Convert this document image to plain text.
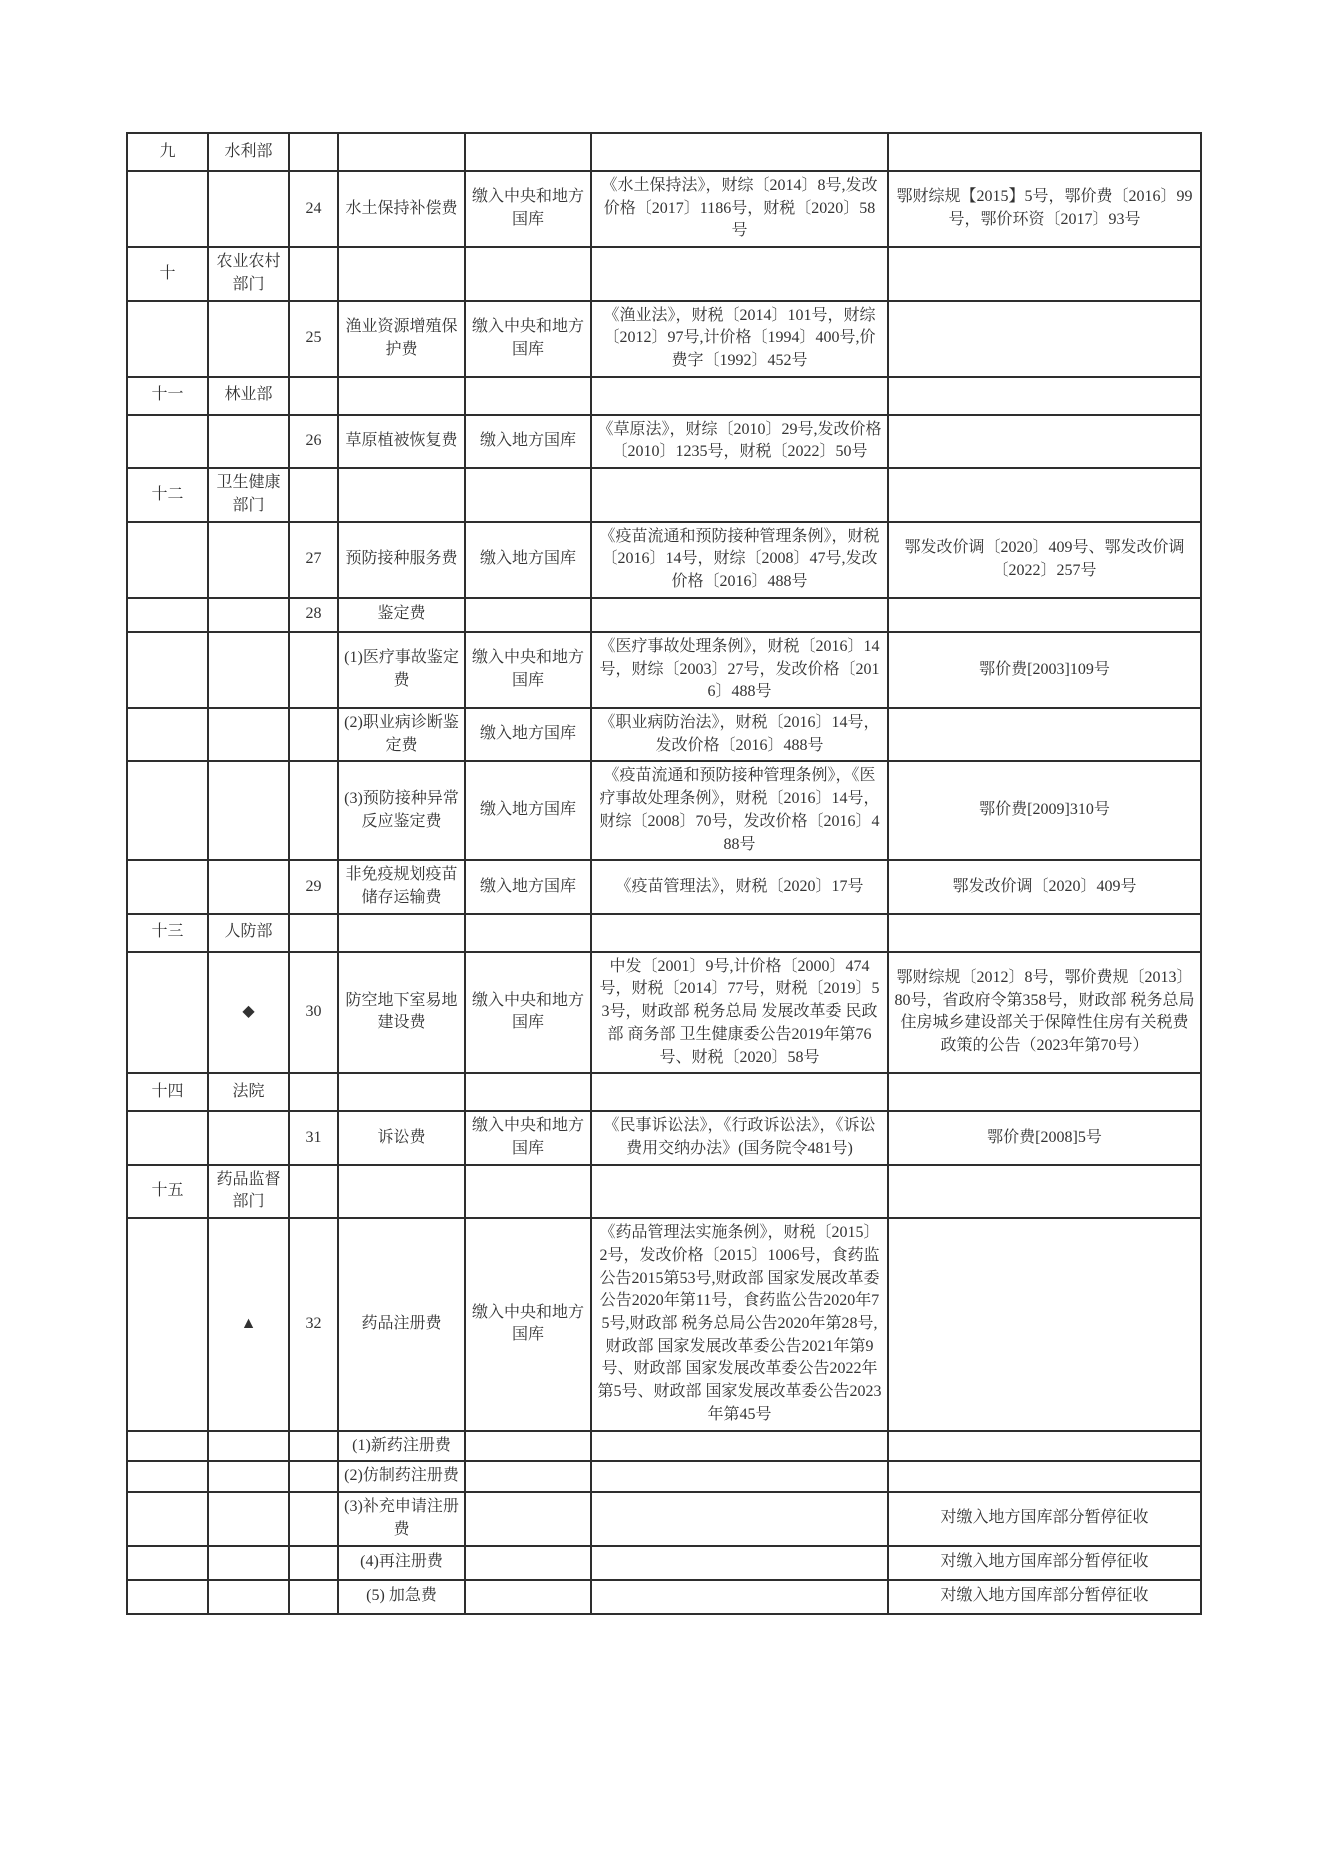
九	水利部					
		24	水土保持补偿费	缴入中央和地方国库	《水土保持法》，财综〔2014〕8号,发改价格〔2017〕1186号，财税〔2020〕58号	鄂财综规【2015】5号，鄂价费〔2016〕99号，鄂价环资〔2017〕93号
十	农业农村部门					
		25	渔业资源增殖保护费	缴入中央和地方国库	《渔业法》，财税〔2014〕101号，财综〔2012〕97号,计价格〔1994〕400号,价费字〔1992〕452号	
十一	林业部					
		26	草原植被恢复费	缴入地方国库	《草原法》，财综〔2010〕29号,发改价格〔2010〕1235号，财税〔2022〕50号	
十二	卫生健康部门					
		27	预防接种服务费	缴入地方国库	《疫苗流通和预防接种管理条例》，财税〔2016〕14号，财综〔2008〕47号,发改价格〔2016〕488号	鄂发改价调〔2020〕409号、鄂发改价调〔2022〕257号
		28	鉴定费			
			(1)医疗事故鉴定费	缴入中央和地方国库	《医疗事故处理条例》，财税〔2016〕14号，财综〔2003〕27号，发改价格〔2016〕488号	鄂价费[2003]109号
			(2)职业病诊断鉴定费	缴入地方国库	《职业病防治法》，财税〔2016〕14号，发改价格〔2016〕488号	
			(3)预防接种异常反应鉴定费	缴入地方国库	《疫苗流通和预防接种管理条例》，《医疗事故处理条例》，财税〔2016〕14号，财综〔2008〕70号，发改价格〔2016〕488号	鄂价费[2009]310号
		29	非免疫规划疫苗储存运输费	缴入地方国库	《疫苗管理法》，财税〔2020〕17号	鄂发改价调〔2020〕409号
十三	人防部					
	◆	30	防空地下室易地建设费	缴入中央和地方国库	中发〔2001〕9号,计价格〔2000〕474号，财税〔2014〕77号，财税〔2019〕53号，财政部 税务总局 发展改革委 民政部 商务部 卫生健康委公告2019年第76号、财税〔2020〕58号	鄂财综规〔2012〕8号，鄂价费规〔2013〕80号，省政府令第358号，财政部 税务总局 住房城乡建设部关于保障性住房有关税费政策的公告（2023年第70号）
十四	法院					
		31	诉讼费	缴入中央和地方国库	《民事诉讼法》，《行政诉讼法》，《诉讼费用交纳办法》(国务院令481号)	鄂价费[2008]5号
十五	药品监督部门					
	▲	32	药品注册费	缴入中央和地方国库	《药品管理法实施条例》，财税〔2015〕2号，发改价格〔2015〕1006号，食药监公告2015第53号,财政部 国家发展改革委公告2020年第11号，食药监公告2020年75号,财政部 税务总局公告2020年第28号,财政部 国家发展改革委公告2021年第9号、财政部 国家发展改革委公告2022年第5号、财政部 国家发展改革委公告2023年第45号	
			(1)新药注册费			
			(2)仿制药注册费			
			(3)补充申请注册费			对缴入地方国库部分暂停征收
			(4)再注册费			对缴入地方国库部分暂停征收
			(5) 加急费			对缴入地方国库部分暂停征收
